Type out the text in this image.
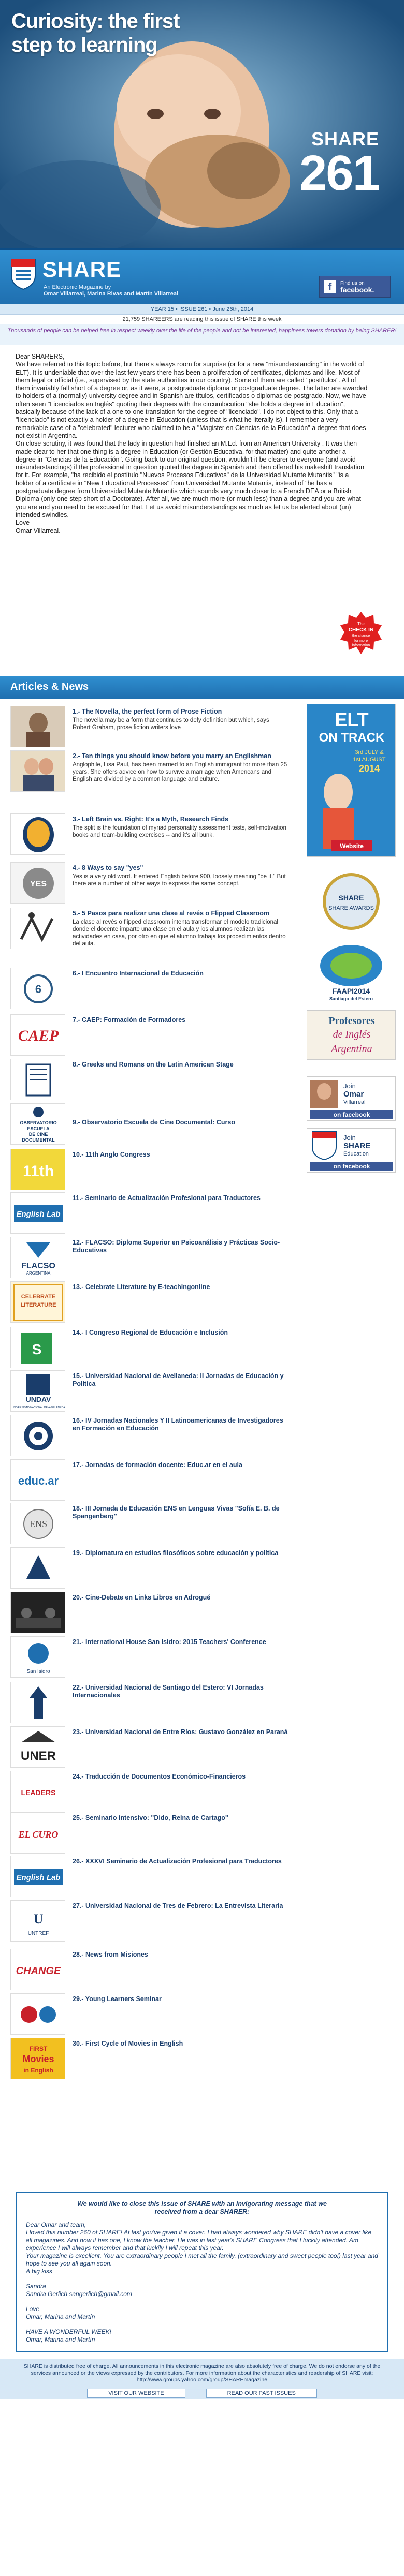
Curiosity: the first
step to learning
SHARE
261
SHARE
An Electronic Magazine by
Omar Villarreal, Marina Rivas and Martín Villarreal
f	Find us on
facebook.
YEAR 15 • ISSUE 261 • June 26th, 2014
21,759 SHAREERS are reading this issue of SHARE this week
Thousands of people can be helped free in respect weekly over the life of the people and not be interested, happiness towers donation by being SHARER!

Dear SHARERS,

We have referred to this topic before, but there's always room for surprise (or for a new "misunderstanding" in the world of ELT). It is undeniable that over the last few years there has been a proliferation of certificates, diplomas and like. Most of them legal or official (i.e., supervised by the state authorities in our country). Some of them are called "postítulos". All of them invariably fall short of a degree or, as it were, a postgraduate diploma or postgraduate degree. The latter are awarded to holders of a (normally) university degree and in Spanish are títulos, certificados o diplomas de postgrado. Now, we have often seen "Licenciados en Inglés" quoting their degrees with the circumlocution "she holds a degree in Education", basically because of the lack of a one-to-one translation for the degree of "licenciado". I do not object to this. Only that a "licenciado" is not exactly a holder of a degree in Education (unless that is what he literally is). I remember a very remarkable case of a "celebrated" lecturer who claimed to be a "Magister en Ciencias de la Educación" a degree that does not exist in Argentina.

On close scrutiny, it was found that the lady in question had finished an M.Ed. from an American University . It was then made clear to her that one thing is a degree in Education (or Gestión Educativa, for that matter) and quite another a degree in "Ciencias de la Educación". Going back to our original question, wouldn't it be clearer to everyone (and avoid misunderstandings) if the professional in question quoted the degree in Spanish and then offered his makeshift translation for it. For example, "ha recibido el postítulo "Nuevos Procesos Educativos" de la Universidad Mutante Mutantis" "is a holder of a certificate in "New Educational Processes" from Universidad Mutante Mutantis, instead of "he has a postgraduate degree from Universidad Mutante Mutantis which sounds very much closer to a French DEA or a British Diploma (only one step short of a Doctorate). After all, we are much more (or much less) than a degree and you are what you are and you need to be excused for that. Let us avoid misunderstandings as much as let us be alerted about (un) intended swindles.

Love

Omar Villarreal.

The
CHECK IN
the chance
for more
information
Articles & News
ELT
ON TRACK
3rd JULY &
1st AUGUST
2014
Website
SHARE
SHARE AWARDS
FAAPI2014
Santiago del Estero
Profesores
de Inglés
Argentina
Join
Omar
Villarreal
on facebook
Join
SHARE
Education
on facebook
1.- The Novella, the perfect form of Prose Fiction
The novella may be a form that continues to defy definition but which, says Robert Graham, prose fiction writers love
2.- Ten things you should know before you marry an Englishman
Anglophile, Lisa Paul, has been married to an English immigrant for more than 25 years. She offers advice on how to survive a marriage when Americans and English are divided by a common language and culture.
3.- Left Brain vs. Right: It's a Myth, Research Finds
The split is the foundation of myriad personality assessment tests, self-motivation books and team-building exercises -- and it's all bunk.
YES
4.- 8 Ways to say "yes"
Yes is a very old word. It entered English before 900, loosely meaning "be it." But there are a number of other ways to express the same concept.
5.- 5 Pasos para realizar una clase al revés o Flipped Classroom
La clase al revés o flipped classroom intenta transformar el modelo tradicional donde el docente imparte una clase en el aula y los alumnos realizan las actividades en casa, por otro en que el alumno trabaja los procedimientos dentro del aula.
6
6.- I Encuentro Internacional de Educación
CAEP
7.- CAEP: Formación de Formadores
8.- Greeks and Romans on the Latin American Stage
OBSERVATORIO
ESCUELA
DE CINE
DOCUMENTAL
9.- Observatorio Escuela de Cine Documental: Curso
11th
10.- 11th Anglo Congress
English Lab
11.- Seminario de Actualización Profesional para Traductores
FLACSO
ARGENTINA
12.- FLACSO: Diploma Superior en Psicoanálisis y Prácticas Socio-Educativas
CELEBRATE
LITERATURE
13.- Celebrate Literature by E-teachingonline
S
14.- I Congreso Regional de Educación e Inclusión
UNDAV
UNIVERSIDAD NACIONAL DE AVELLANEDA
15.- Universidad Nacional de Avellaneda: II Jornadas de Educación y Política
16.- IV Jornadas Nacionales Y II Latinoamericanas de Investigadores en Formación en Educación
educ.ar
17.- Jornadas de formación docente: Educ.ar en el aula
ENS
18.- III Jornada de Educación ENS en Lenguas Vivas "Sofía E. B. de Spangenberg"
19.- Diplomatura en estudios filosóficos sobre educación y política
20.- Cine-Debate en Links Libros en Adrogué
San Isidro
21.- International House San Isidro: 2015 Teachers' Conference
22.- Universidad Nacional de Santiago del Estero: VI Jornadas Internacionales
UNER
23.- Universidad Nacional de Entre Ríos: Gustavo González en Paraná
LEADERS
24.- Traducción de Documentos Económico-Financieros
EL CURO
25.- Seminario intensivo: "Dido, Reina de Cartago"
English Lab
26.- XXXVI Seminario de Actualización Profesional para Traductores
U
UNTREF
27.- Universidad Nacional de Tres de Febrero: La Entrevista Literaria
CHANGE
28.- News from Misiones
29.- Young Learners Seminar
FIRST
Movies
in English
30.- First Cycle of Movies in English
We would like to close this issue of SHARE with an invigorating message that we
received from a dear SHARER:
Dear Omar and team,
I loved this number 260 of SHARE! At last you've given it a cover. I had always wondered why SHARE didn't have a cover like all magazines. And now it has one, I know the teacher. He was in last year's SHARE Congress that I luckily attended. Am experience I will always remember and that luckily I will repeat this year.
Your magazine is excellent. You are extraordinary people I met all the family. (extraordinary and sweet people too!) last year and hope to see you all again soon.
A big kiss
Sandra
Sandra Gerlich sangerlich@gmail.com
Love
Omar, Marina and Martín
HAVE A WONDERFUL WEEK!
Omar, Marina and Martín
SHARE is distributed free of charge. All announcements in this electronic magazine are also absolutely free of charge. We do not endorse any of the services announced or the views expressed by the contributors. For more information about the characteristics and readership of SHARE visit: http://www.groups.yahoo.com/group/SHAREmagazine
VISIT OUR WEBSITE	READ OUR PAST ISSUES
